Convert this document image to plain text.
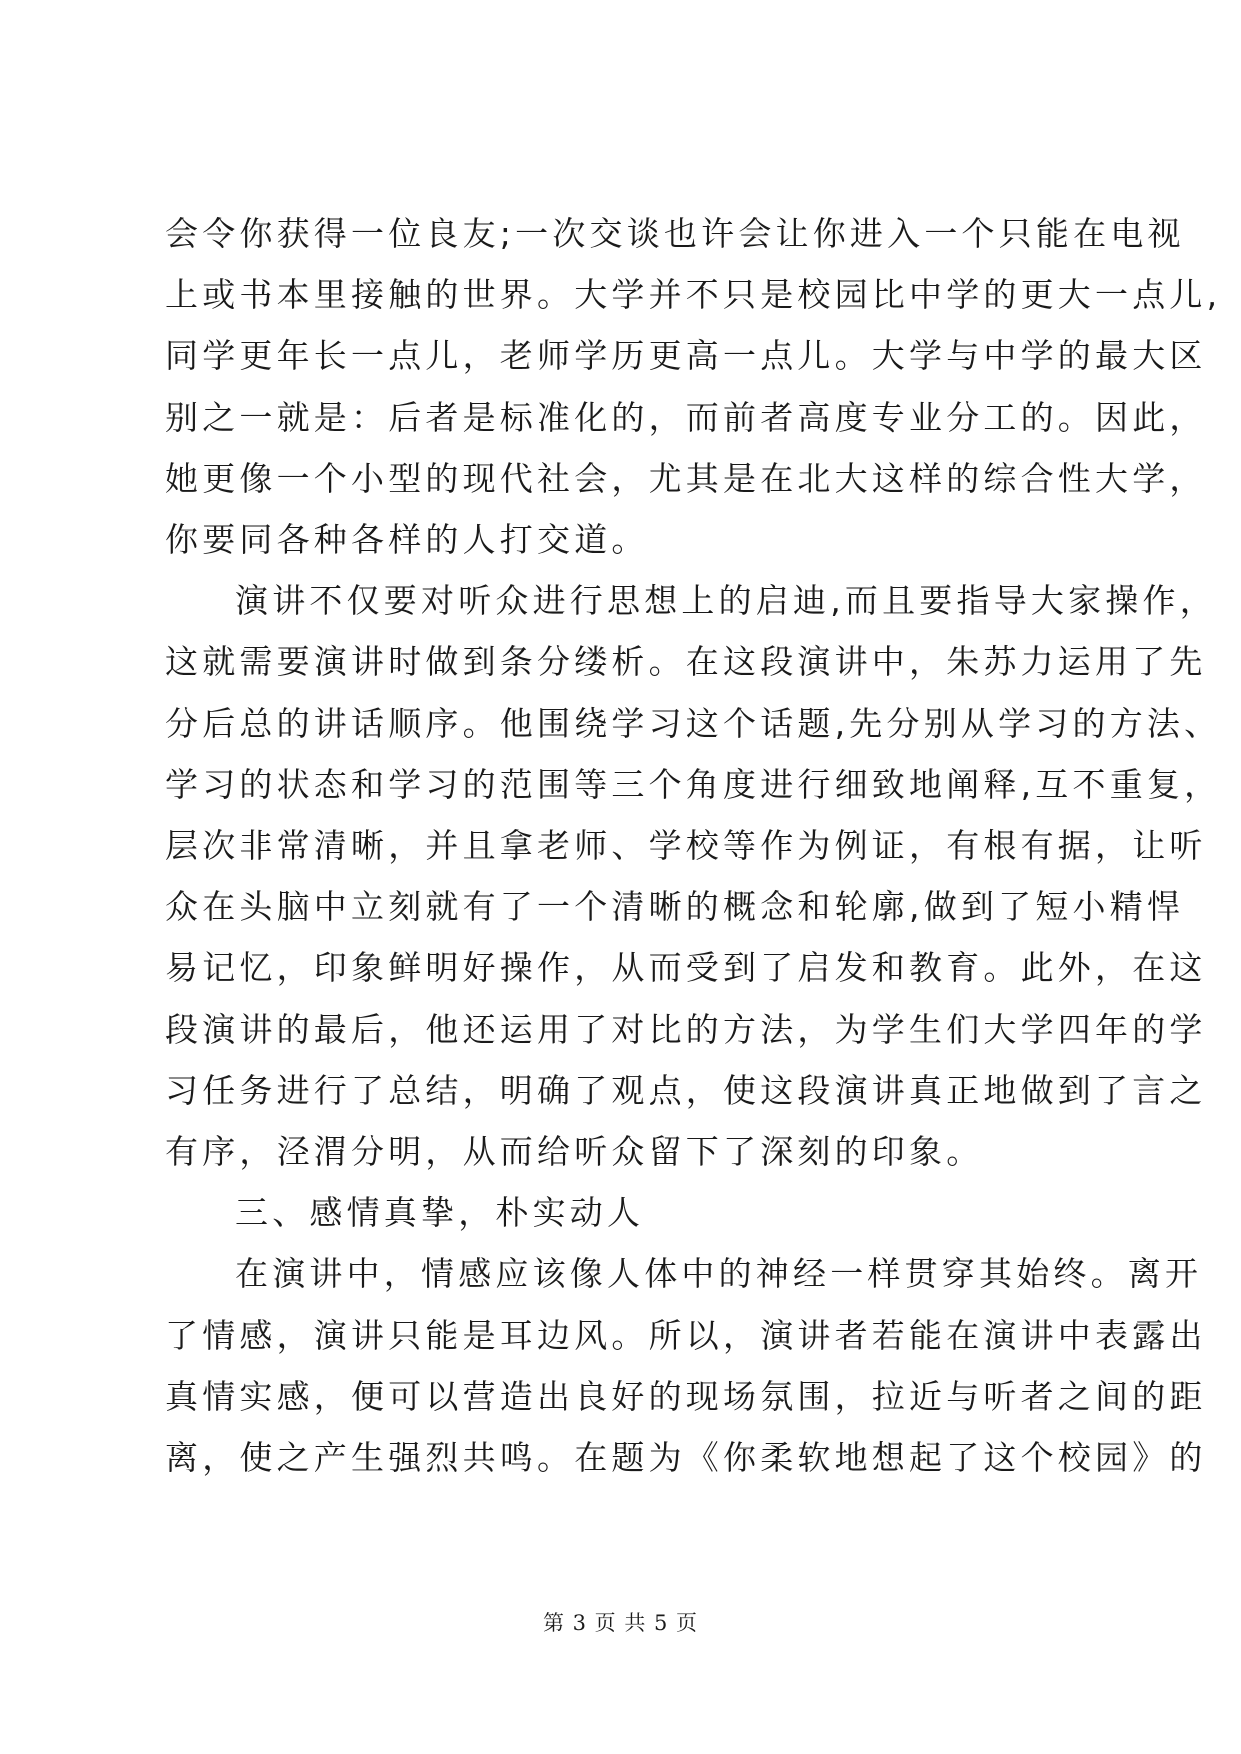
会令你获得一位良友;一次交谈也许会让你进入一个只能在电视
上或书本里接触的世界。大学并不只是校园比中学的更大一点儿,
同学更年长一点儿，老师学历更高一点儿。大学与中学的最大区
别之一就是：后者是标准化的，而前者高度专业分工的。因此，
她更像一个小型的现代社会，尤其是在北大这样的综合性大学，
你要同各种各样的人打交道。
演讲不仅要对听众进行思想上的启迪,而且要指导大家操作，
这就需要演讲时做到条分缕析。在这段演讲中，朱苏力运用了先
分后总的讲话顺序。他围绕学习这个话题,先分别从学习的方法、
学习的状态和学习的范围等三个角度进行细致地阐释,互不重复，
层次非常清晰，并且拿老师、学校等作为例证，有根有据，让听
众在头脑中立刻就有了一个清晰的概念和轮廓,做到了短小精悍
易记忆，印象鲜明好操作，从而受到了启发和教育。此外，在这
段演讲的最后，他还运用了对比的方法，为学生们大学四年的学
习任务进行了总结，明确了观点，使这段演讲真正地做到了言之
有序，泾渭分明，从而给听众留下了深刻的印象。
三、感情真挚，朴实动人
在演讲中，情感应该像人体中的神经一样贯穿其始终。离开
了情感，演讲只能是耳边风。所以，演讲者若能在演讲中表露出
真情实感，便可以营造出良好的现场氛围，拉近与听者之间的距
离，使之产生强烈共鸣。在题为《你柔软地想起了这个校园》的
第 3 页 共 5 页
